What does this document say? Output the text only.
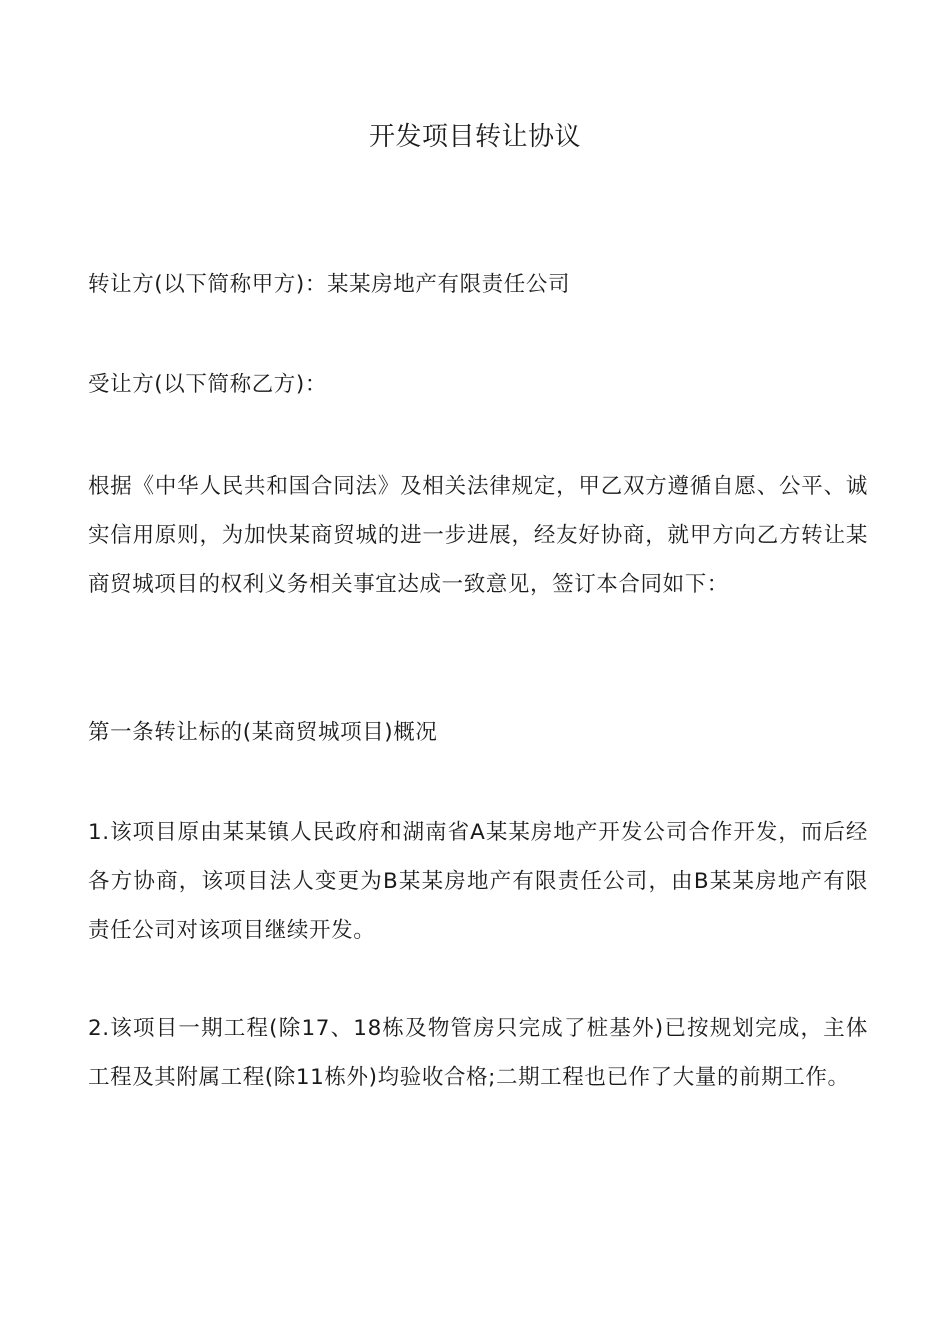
开发项目转让协议

转让方(以下简称甲方)：某某房地产有限责任公司

受让方(以下简称乙方)：

根据《中华人民共和国合同法》及相关法律规定，甲乙双方遵循自愿、公平、诚实信用原则，为加快某商贸城的进一步进展，经友好协商，就甲方向乙方转让某商贸城项目的权利义务相关事宜达成一致意见，签订本合同如下：

第一条转让标的(某商贸城项目)概况

1.该项目原由某某镇人民政府和湖南省A某某房地产开发公司合作开发，而后经各方协商，该项目法人变更为B某某房地产有限责任公司，由B某某房地产有限责任公司对该项目继续开发。

2.该项目一期工程(除17、18栋及物管房只完成了桩基外)已按规划完成，主体工程及其附属工程(除11栋外)均验收合格;二期工程也已作了大量的前期工作。
